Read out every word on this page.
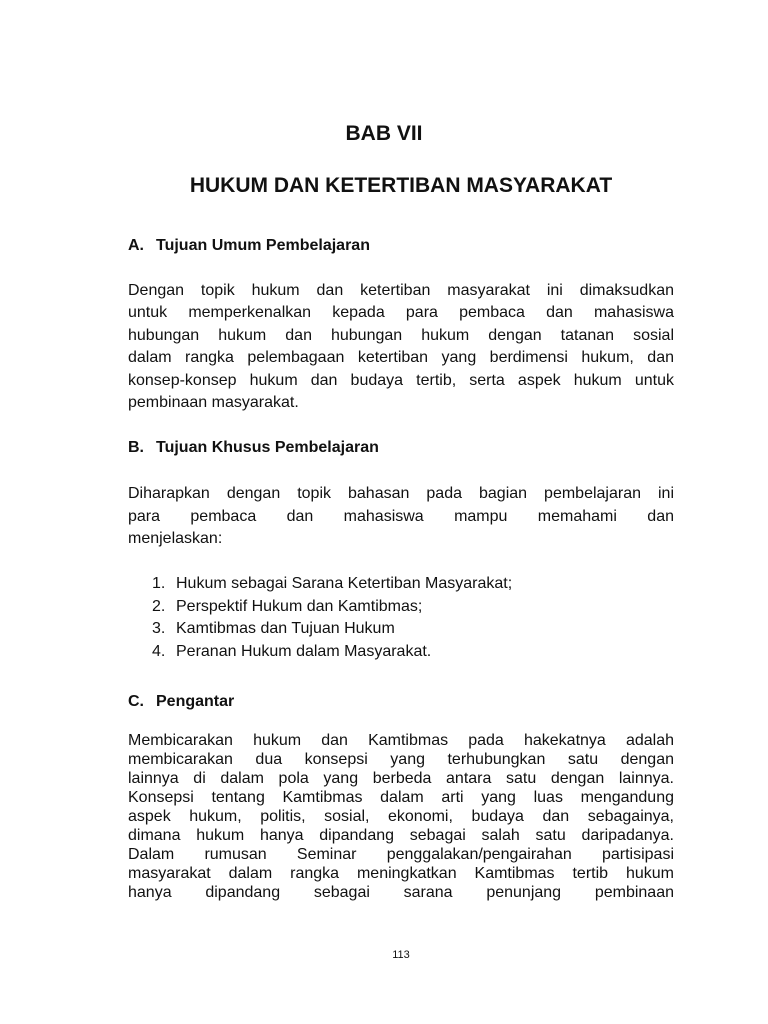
BAB VII
HUKUM DAN KETERTIBAN MASYARAKAT
A. Tujuan Umum Pembelajaran
Dengan topik hukum dan ketertiban masyarakat ini dimaksudkan
untuk memperkenalkan kepada para pembaca dan mahasiswa
hubungan hukum dan hubungan hukum dengan tatanan sosial
dalam rangka pelembagaan ketertiban yang berdimensi hukum, dan
konsep-konsep hukum dan budaya tertib, serta aspek hukum untuk
pembinaan masyarakat.
B. Tujuan Khusus Pembelajaran
Diharapkan dengan topik bahasan pada bagian pembelajaran ini
para pembaca dan mahasiswa mampu memahami dan
menjelaskan:
1. Hukum sebagai Sarana Ketertiban Masyarakat;
2. Perspektif Hukum dan Kamtibmas;
3. Kamtibmas dan Tujuan Hukum
4. Peranan Hukum dalam Masyarakat.
C. Pengantar
Membicarakan hukum dan Kamtibmas pada hakekatnya adalah
membicarakan dua konsepsi yang terhubungkan satu dengan
lainnya di dalam pola yang berbeda antara satu dengan lainnya.
Konsepsi tentang Kamtibmas dalam arti yang luas mengandung
aspek hukum, politis, sosial, ekonomi, budaya dan sebagainya,
dimana hukum hanya dipandang sebagai salah satu daripadanya.
Dalam rumusan Seminar penggalakan/pengairahan partisipasi
masyarakat dalam rangka meningkatkan Kamtibmas tertib hukum
hanya dipandang sebagai sarana penunjang pembinaan
113
